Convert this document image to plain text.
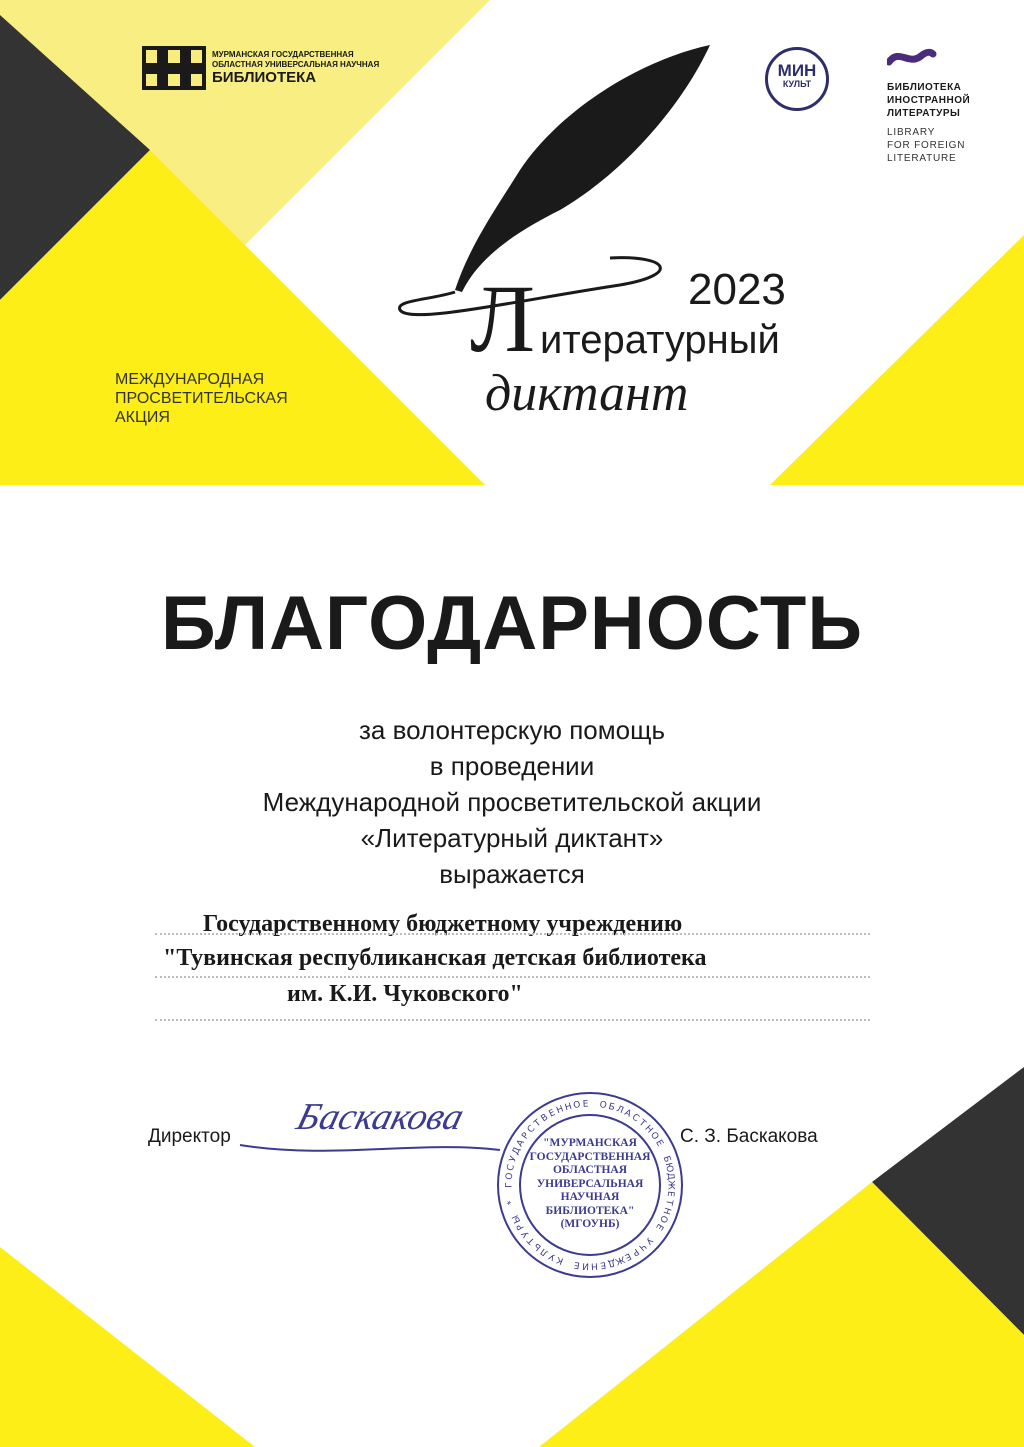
Г
О
С
У
Д
А
Р
С
Т
В
Е
Н
Н О Е О Б
Л
А
С
Т
Н
О
Е
Б
Ю
Д
Ж
Е
Т
Н
О
Е
У
Ч
Р
Е
Ж
Д
Е
Н
И
Е
К
У
Л
Ь
Т
У
Р
Ы
*
МУРМАНСКАЯ ГОСУДАРСТВЕННАЯ
ОБЛАСТНАЯ УНИВЕРСАЛЬНАЯ НАУЧНАЯ
БИБЛИОТЕКА
МЕЖДУНАРОДНАЯ
ПРОСВЕТИТЕЛЬСКАЯ
АКЦИЯ
МИН
КУЛЬТ	БИБЛИОТЕКА
ИНОСТРАННОЙ
ЛИТЕРАТУРЫ
LIBRARY
FOR FOREIGN
LITERATURE
2023
Л итературный
диктант
БЛАГОДАРНОСТЬ
за волонтерскую помощь
в проведении
Международной просветительской акции
«Литературный диктант»
выражается
Государственному бюджетному учреждению
"Тувинская республиканская детская библиотека
им. К.И. Чуковского"
Директор Баскакова	С. З. Баскакова
"МУРМАНСКАЯ
ГОСУДАРСТВЕННАЯ
ОБЛАСТНАЯ
УНИВЕРСАЛЬНАЯ
НАУЧНАЯ
БИБЛИОТЕКА"
(МГОУНБ)
